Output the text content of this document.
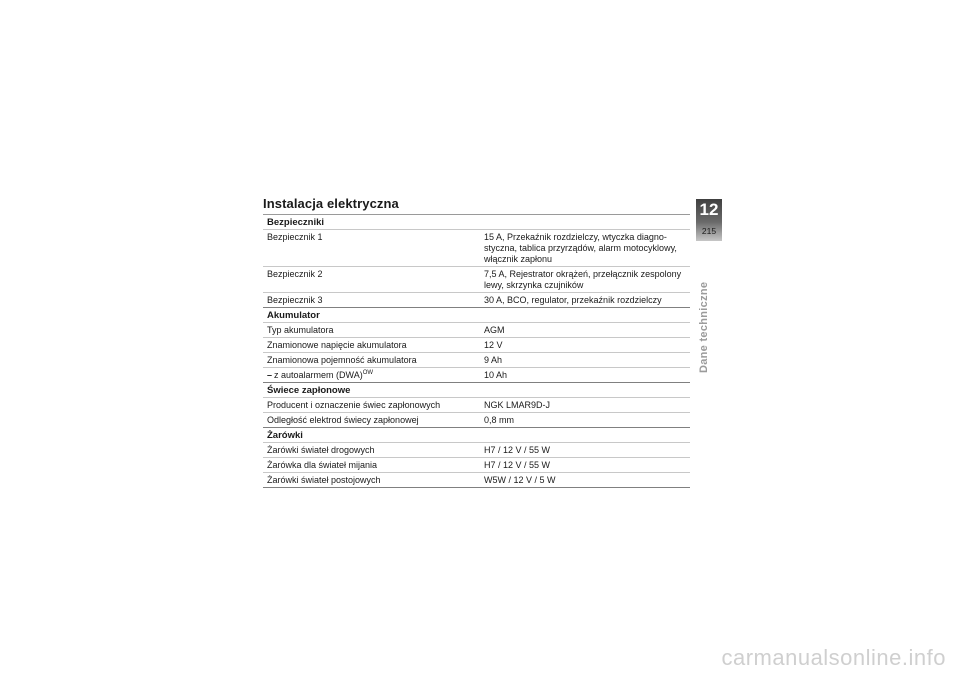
Instalacja elektryczna
Bezpieczniki
Bezpiecznik 1	15 A, Przekaźnik rozdzielczy, wtyczka diagno-
styczna, tablica przyrządów, alarm motocyklowy,
włącznik zapłonu
Bezpiecznik 2	7,5 A, Rejestrator okrążeń, przełącznik zespolony
lewy, skrzynka czujników
Bezpiecznik 3	30 A, BCO, regulator, przekaźnik rozdzielczy
Akumulator
Typ akumulatora	AGM
Znamionowe napięcie akumulatora	12 V
Znamionowa pojemność akumulatora	9 Ah
– z autoalarmem (DWA)$^{OW}$	10 Ah
Świece zapłonowe
Producent i oznaczenie świec zapłonowych	NGK LMAR9D-J
Odległość elektrod świecy zapłonowej	0,8 mm
Żarówki
Żarówki świateł drogowych	H7 / 12 V / 55 W
Żarówka dla świateł mijania	H7 / 12 V / 55 W
Żarówki świateł postojowych	W5W / 12 V / 5 W
12
215
Dane techniczne
carmanualsonline.info
